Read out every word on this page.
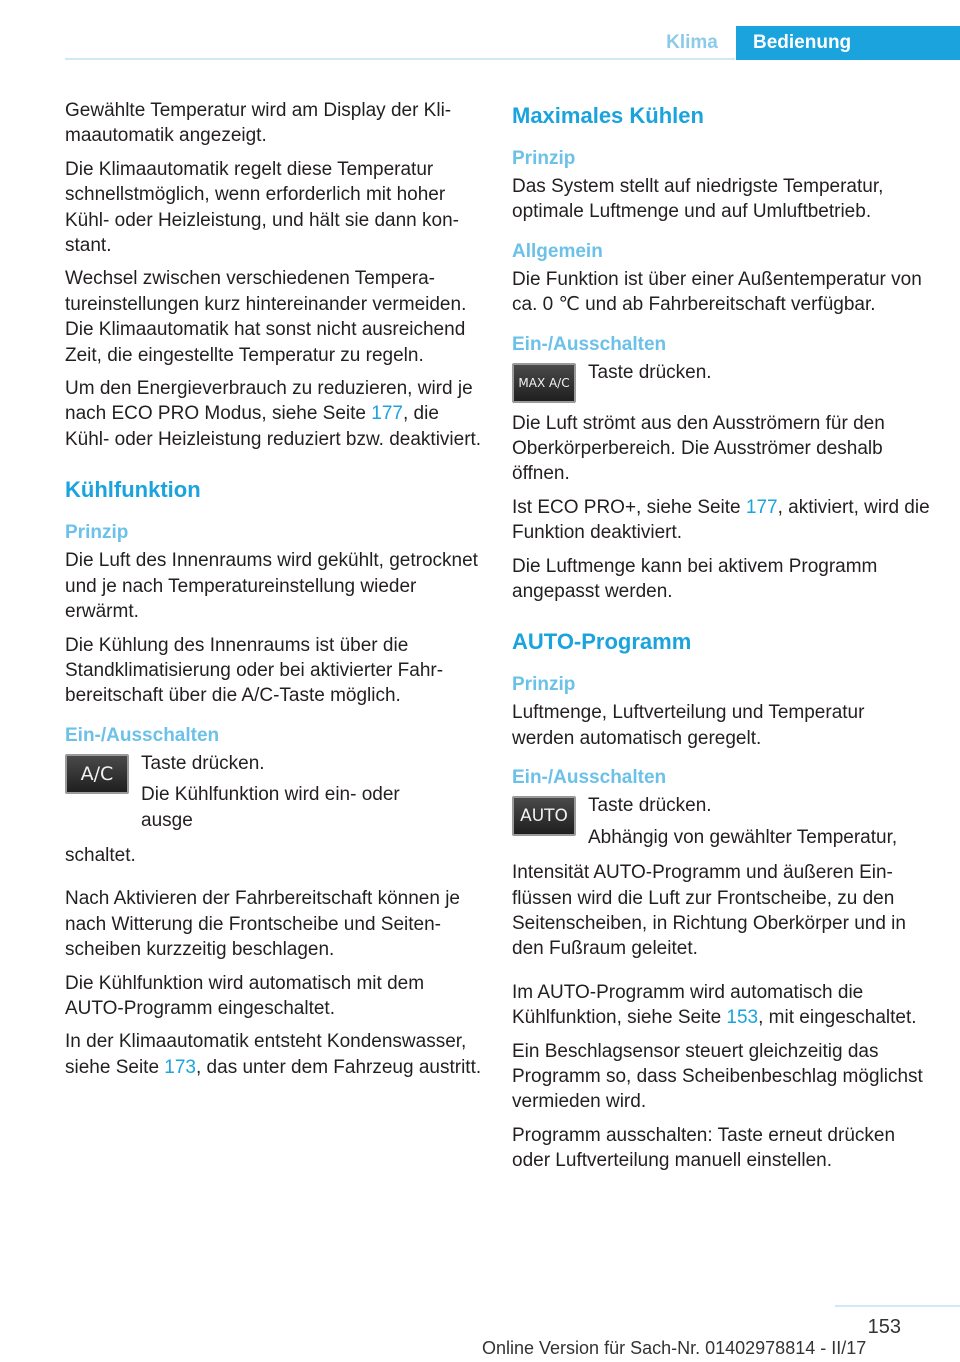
Klima	Bedienung

Gewählte Temperatur wird am Display der Klimaautomatik angezeigt.

Die Klimaautomatik regelt diese Temperatur schnellstmöglich, wenn erforderlich mit hoher Kühl- oder Heizleistung, und hält sie dann konstant.

Wechsel zwischen verschiedenen Temperatureinstellungen kurz hintereinander vermeiden. Die Klimaautomatik hat sonst nicht ausreichend Zeit, die eingestellte Temperatur zu regeln.

Um den Energieverbrauch zu reduzieren, wird je nach ECO PRO Modus, siehe Seite 177, die Kühl- oder Heizleistung reduziert bzw. deaktiviert.

Kühlfunktion
Prinzip

Die Luft des Innenraums wird gekühlt, getrocknet und je nach Temperatureinstellung wieder erwärmt.

Die Kühlung des Innenraums ist über die Standklimatisierung oder bei aktivierter Fahrbereitschaft über die A/C-Taste möglich.

Ein-/Ausschalten
A/C	Taste drücken.

Die Kühlfunktion wird ein- oder ausge

schaltet.

Nach Aktivieren der Fahrbereitschaft können je nach Witterung die Frontscheibe und Seitenscheiben kurzzeitig beschlagen.

Die Kühlfunktion wird automatisch mit dem AUTO-Programm eingeschaltet.

In der Klimaautomatik entsteht Kondenswasser, siehe Seite 173, das unter dem Fahrzeug austritt.

Maximales Kühlen
Prinzip

Das System stellt auf niedrigste Temperatur, optimale Luftmenge und auf Umluftbetrieb.

Allgemein

Die Funktion ist über einer Außentemperatur von ca. 0 ℃ und ab Fahrbereitschaft verfügbar.

Ein-/Ausschalten
MAX A/C Taste drücken.

Die Luft strömt aus den Ausströmern für den Oberkörperbereich. Die Ausströmer deshalb öffnen.

Ist ECO PRO+, siehe Seite 177, aktiviert, wird die Funktion deaktiviert.

Die Luftmenge kann bei aktivem Programm angepasst werden.

AUTO-Programm
Prinzip

Luftmenge, Luftverteilung und Temperatur werden automatisch geregelt.

Ein-/Ausschalten
AUTO	Taste drücken.

Abhängig von gewählter Temperatur,

Intensität AUTO-Programm und äußeren Einflüssen wird die Luft zur Frontscheibe, zu den Seitenscheiben, in Richtung Oberkörper und in den Fußraum geleitet.

Im AUTO-Programm wird automatisch die Kühlfunktion, siehe Seite 153, mit eingeschaltet.

Ein Beschlagsensor steuert gleichzeitig das Programm so, dass Scheibenbeschlag möglichst vermieden wird.

Programm ausschalten: Taste erneut drücken oder Luftverteilung manuell einstellen.

153
Online Version für Sach-Nr. 01402978814 - II/17
